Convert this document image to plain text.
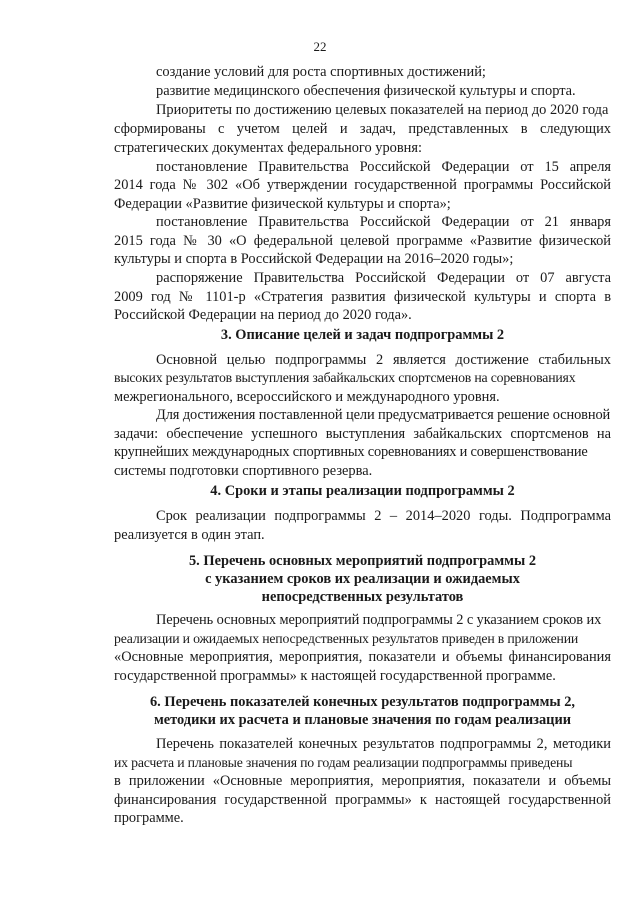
22
создание условий для роста спортивных достижений;
развитие медицинского обеспечения физической культуры и спорта.
Приоритеты по достижению целевых показателей на период до 2020 года
сформированы с учетом целей и задач, представленных в следующих
стратегических документах федерального уровня:
постановление Правительства Российской Федерации от 15 апреля
2014 года № 302 «Об утверждении государственной программы Российской
Федерации «Развитие физической культуры и спорта»;
постановление Правительства Российской Федерации от 21 января
2015 года № 30 «О федеральной целевой программе «Развитие физической
культуры и спорта в Российской Федерации на 2016–2020 годы»;
распоряжение Правительства Российской Федерации от 07 августа
2009 год № 1101-р «Стратегия развития физической культуры и спорта в
Российской Федерации на период до 2020 года».
3. Описание целей и задач подпрограммы 2
Основной целью подпрограммы 2 является достижение стабильных
высоких результатов выступления забайкальских спортсменов на соревнованиях
межрегионального, всероссийского и международного уровня.
Для достижения поставленной цели предусматривается решение основной
задачи: обеспечение успешного выступления забайкальских спортсменов на
крупнейших международных спортивных соревнованиях и совершенствование
системы подготовки спортивного резерва.
4. Сроки и этапы реализации подпрограммы 2
Срок реализации подпрограммы 2 – 2014–2020 годы. Подпрограмма
реализуется в один этап.
5. Перечень основных мероприятий подпрограммы 2
с указанием сроков их реализации и ожидаемых
непосредственных результатов
Перечень основных мероприятий подпрограммы 2 с указанием сроков их
реализации и ожидаемых непосредственных результатов приведен в приложении
«Основные мероприятия, мероприятия, показатели и объемы финансирования
государственной программы» к настоящей государственной программе.
6. Перечень показателей конечных результатов подпрограммы 2,
методики их расчета и плановые значения по годам реализации
Перечень показателей конечных результатов подпрограммы 2, методики
их расчета и плановые значения по годам реализации подпрограммы приведены
в приложении «Основные мероприятия, мероприятия, показатели и объемы
финансирования государственной программы» к настоящей государственной
программе.
